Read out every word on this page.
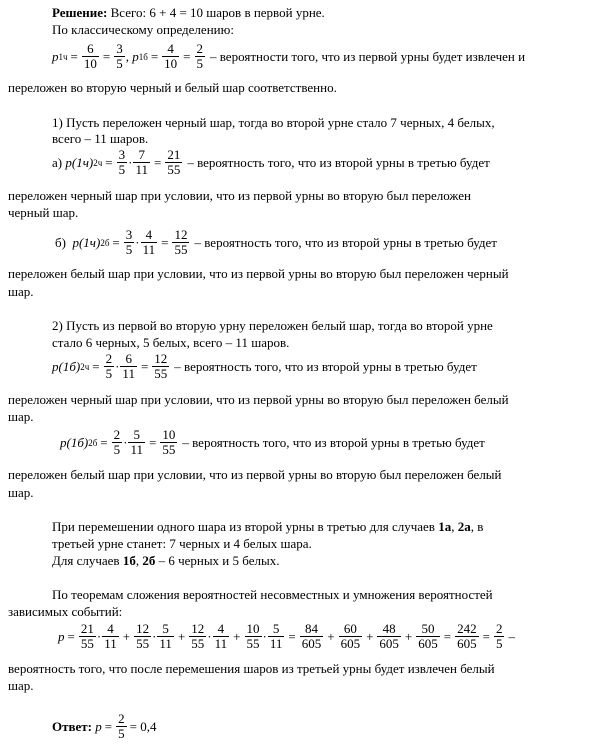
Решение: Всего: 6 + 4 = 10 шаров в первой урне.
По классическому определению:
p $1ч = \frac{6}{10} = \frac{3}{5}$ , p $1б = \frac{4}{10} = \frac{2}{5}$ – вероятности того, что из первой урны будет извлечен и
переложен во вторую черный и белый шар соответственно.
1) Пусть переложен черный шар, тогда во второй урне стало 7 черных, 4 белых,
всего – 11 шаров.
а)
p(1ч) $2ч = \frac{3}{5} \cdot \frac{7}{11} = \frac{21}{55}$ – вероятность того, что из второй урны в третью будет
переложен черный шар при условии, что из первой урны во вторую был переложен
черный шар.
б)
p(1ч) $2б = \frac{3}{5} \cdot \frac{4}{11} = \frac{12}{55}$ – вероятность того, что из второй урны в третью будет
переложен белый шар при условии, что из первой урны во вторую был переложен черный
шар.
2) Пусть из первой во вторую урну переложен белый шар, тогда во второй урне
стало 6 черных, 5 белых, всего – 11 шаров.
p(1б) $2ч = \frac{2}{5} \cdot \frac{6}{11} = \frac{12}{55}$ – вероятность того, что из второй урны в третью будет
переложен черный шар при условии, что из первой урны во вторую был переложен белый
шар.
p(1б) $2б = \frac{2}{5} \cdot \frac{5}{11} = \frac{10}{55}$ – вероятность того, что из второй урны в третью будет
переложен белый шар при условии, что из первой урны во вторую был переложен белый
шар.
При перемешении одного шара из второй урны в третью для случаев 1а, 2а, в
третьей урне станет: 7 черных и 4 белых шара.
Для случаев 1б, 2б – 6 черных и 5 белых.
По теоремам сложения вероятностей несовместных и умножения вероятностей
зависимых событий:
$p = \frac{21}{55} \cdot \frac{4}{11} + \frac{12}{55} \cdot \frac{5}{11} + \frac{12}{55} \cdot \frac{4}{11} + \frac{10}{55} \cdot \frac{5}{11} = \frac{84}{605} + \frac{60}{605} + \frac{48}{605} + \frac{50}{605} = \frac{242}{605} = \frac{2}{5}$ –
вероятность того, что после перемешения шаров из третьей урны будет извлечен белый
шар.
Ответ:
$p = \frac{2}{5} = 0,4$
